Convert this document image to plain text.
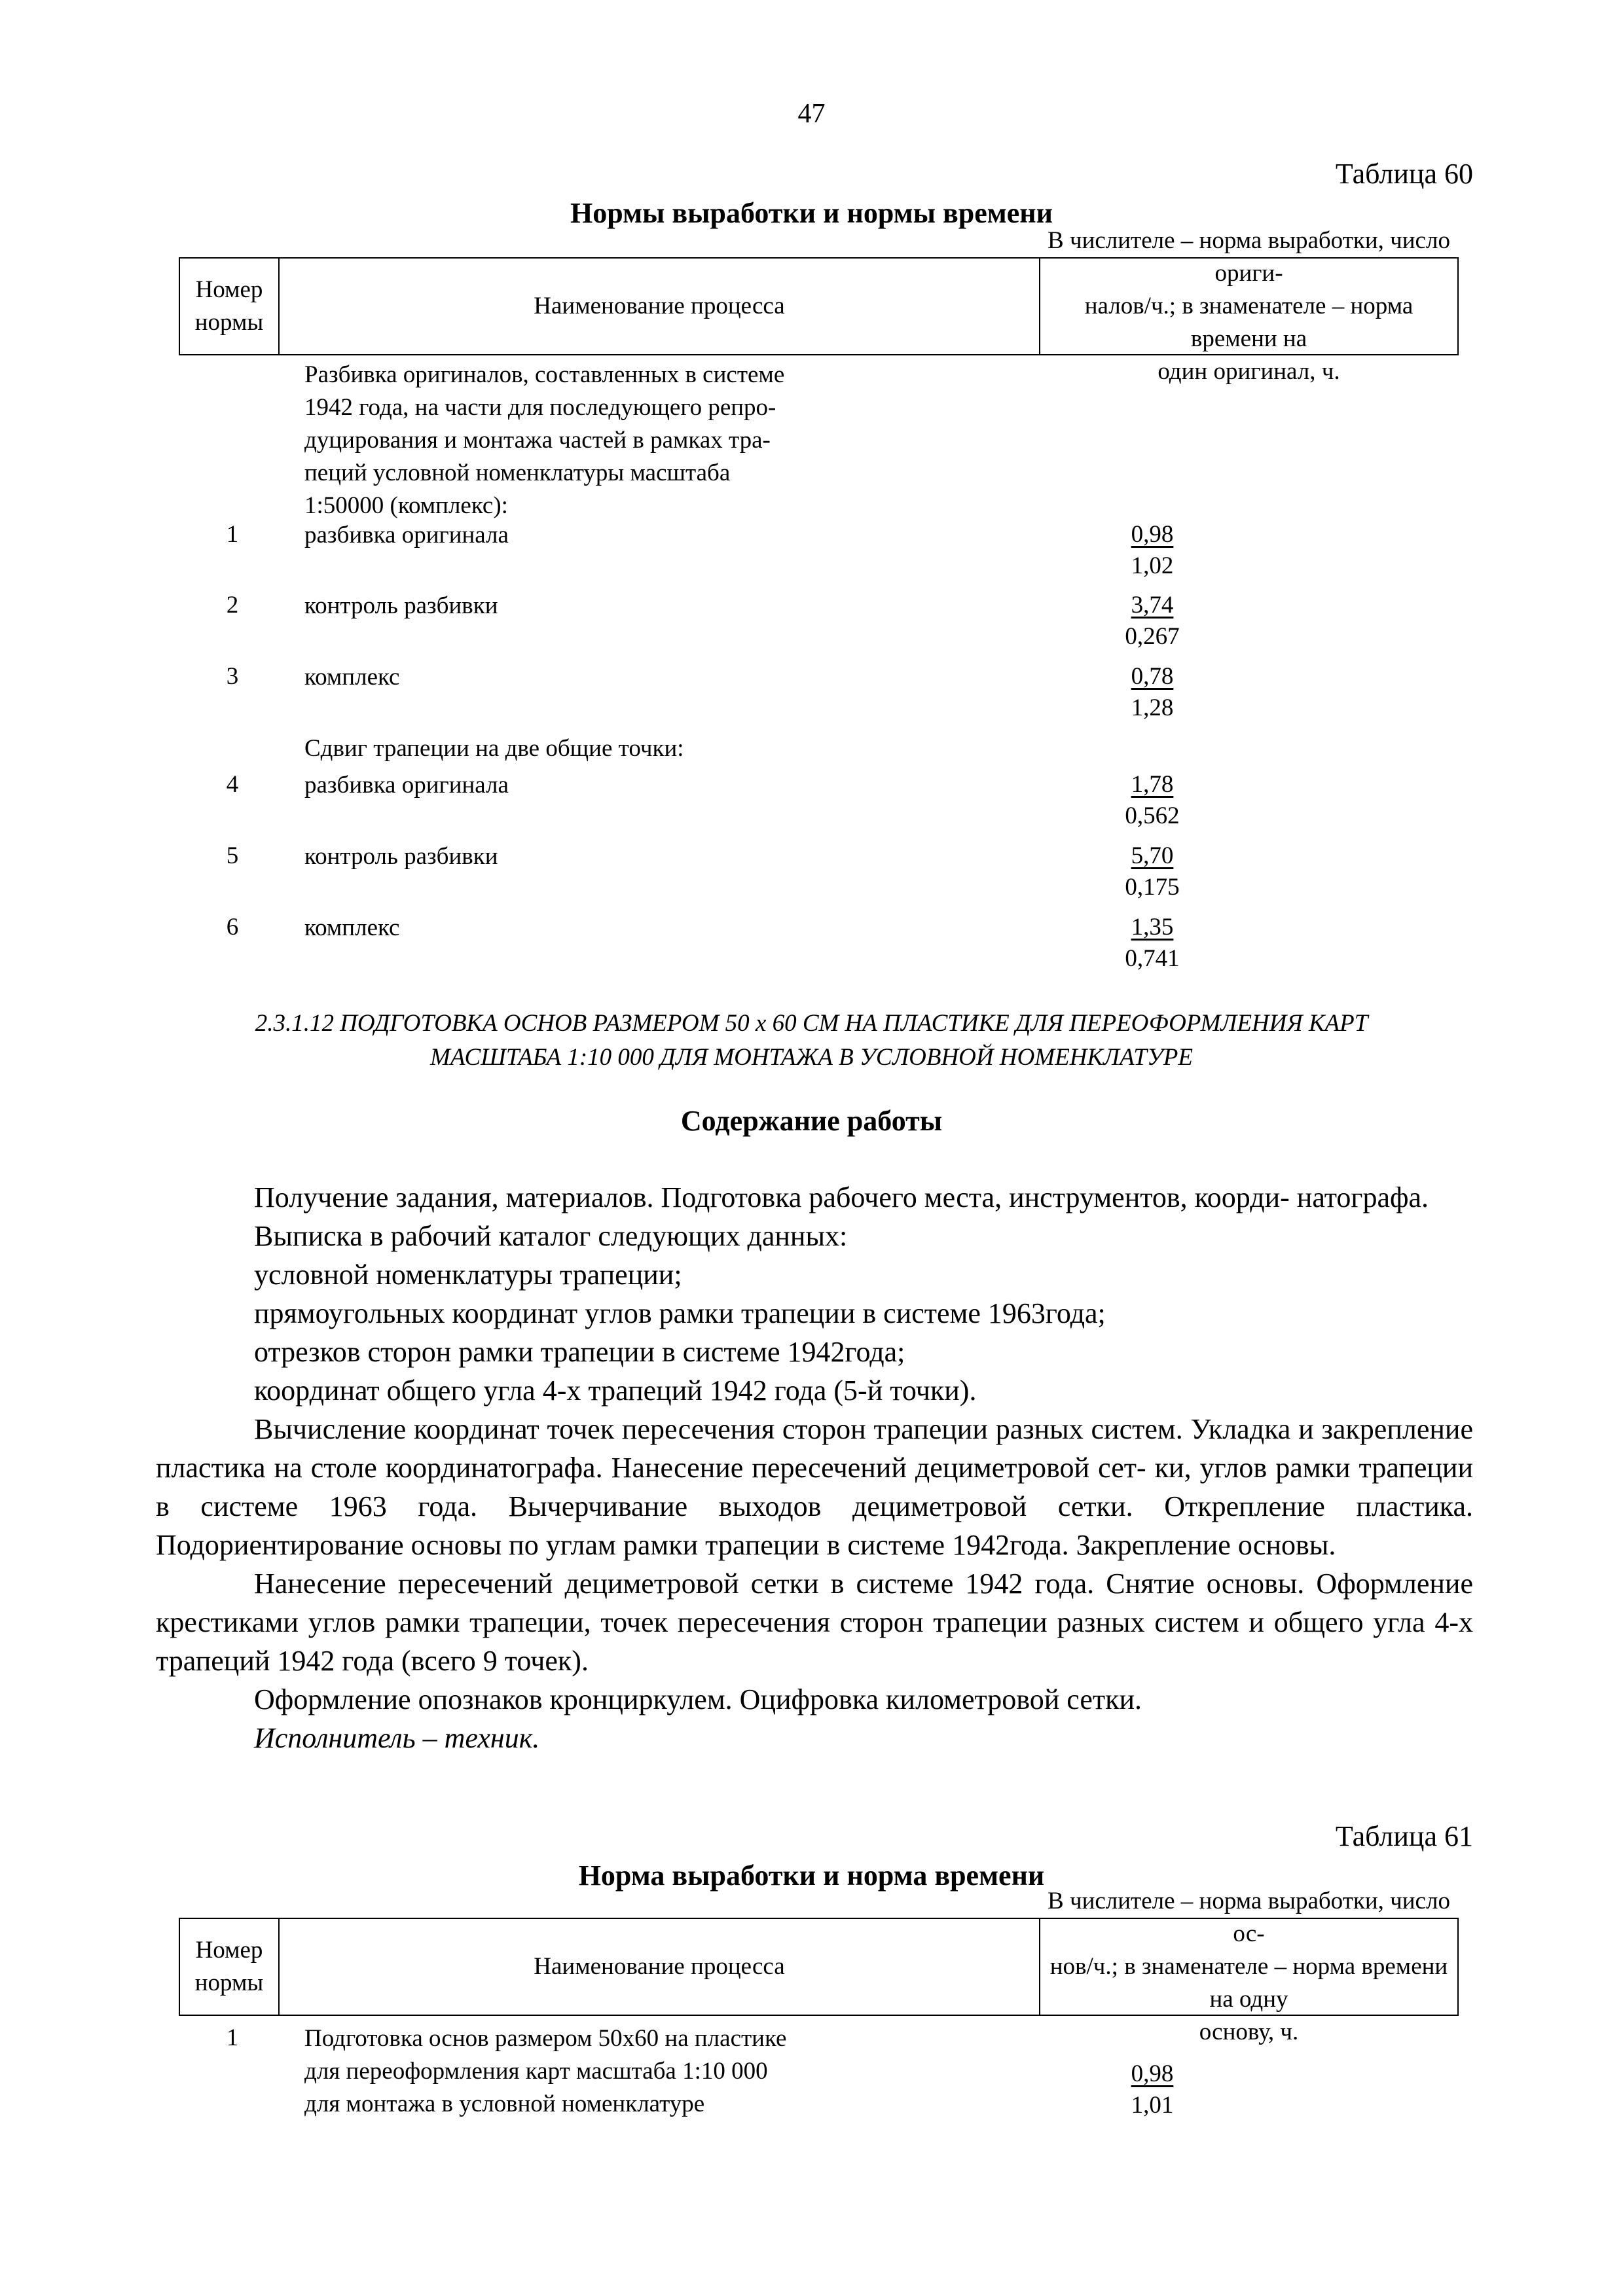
47
Таблица 60
Нормы выработки и нормы времени
Номер
нормы
Наименование процесса
В числителе – норма выработки, число ориги-
налов/ч.; в знаменателе – норма времени на
один оригинал, ч.
Разбивка оригиналов, составленных в системе
1942 года, на части для последующего репро-
дуцирования и монтажа частей в рамках тра-
пеций условной номенклатуры масштаба
1:50000 (комплекс):
1	разбивка оригинала	$\frac{0,98}{1,02}$
2	контроль разбивки	$\frac{3,74}{0,267}$
3	комплекс	$\frac{0,78}{1,28}$
Сдвиг трапеции на две общие точки:
4	разбивка оригинала	$\frac{1,78}{0,562}$
5	контроль разбивки	$\frac{5,70}{0,175}$
6	комплекс	$\frac{1,35}{0,741}$
2.3.1.12 ПОДГОТОВКА ОСНОВ РАЗМЕРОМ 50 x 60 СМ НА ПЛАСТИКЕ ДЛЯ ПЕРЕОФОРМЛЕНИЯ КАРТ
МАСШТАБА 1:10 000 ДЛЯ МОНТАЖА В УСЛОВНОЙ НОМЕНКЛАТУРЕ
Содержание работы

Получение задания, материалов. Подготовка рабочего места, инструментов, коорди- натографа.

Выписка в рабочий каталог следующих данных:

условной номенклатуры трапеции;

прямоугольных координат углов рамки трапеции в системе 1963года;

отрезков сторон рамки трапеции в системе 1942года;

координат общего угла 4-х трапеций 1942 года (5-й точки).

Вычисление координат точек пересечения сторон трапеции разных систем. Укладка и закрепление пластика на столе координатографа. Нанесение пересечений дециметровой сет- ки, углов рамки трапеции в системе 1963 года. Вычерчивание выходов дециметровой сетки. Открепление пластика. Подориентирование основы по углам рамки трапеции в системе 1942года. Закрепление основы.

Нанесение пересечений дециметровой сетки в системе 1942 года. Снятие основы. Оформление крестиками углов рамки трапеции, точек пересечения сторон трапеции разных систем и общего угла 4-х трапеций 1942 года (всего 9 точек).

Оформление опознаков кронциркулем. Оцифровка километровой сетки.

Исполнитель – техник.

Таблица 61
Норма выработки и норма времени
Номер
нормы
Наименование процесса
В числителе – норма выработки, число ос-
нов/ч.; в знаменателе – норма времени на одну
основу, ч.
1	Подготовка основ размером 50x60 на пластике
для переоформления карт масштаба 1:10 000
для монтажа в условной номенклатуре	$\frac{0,98}{1,01}$
